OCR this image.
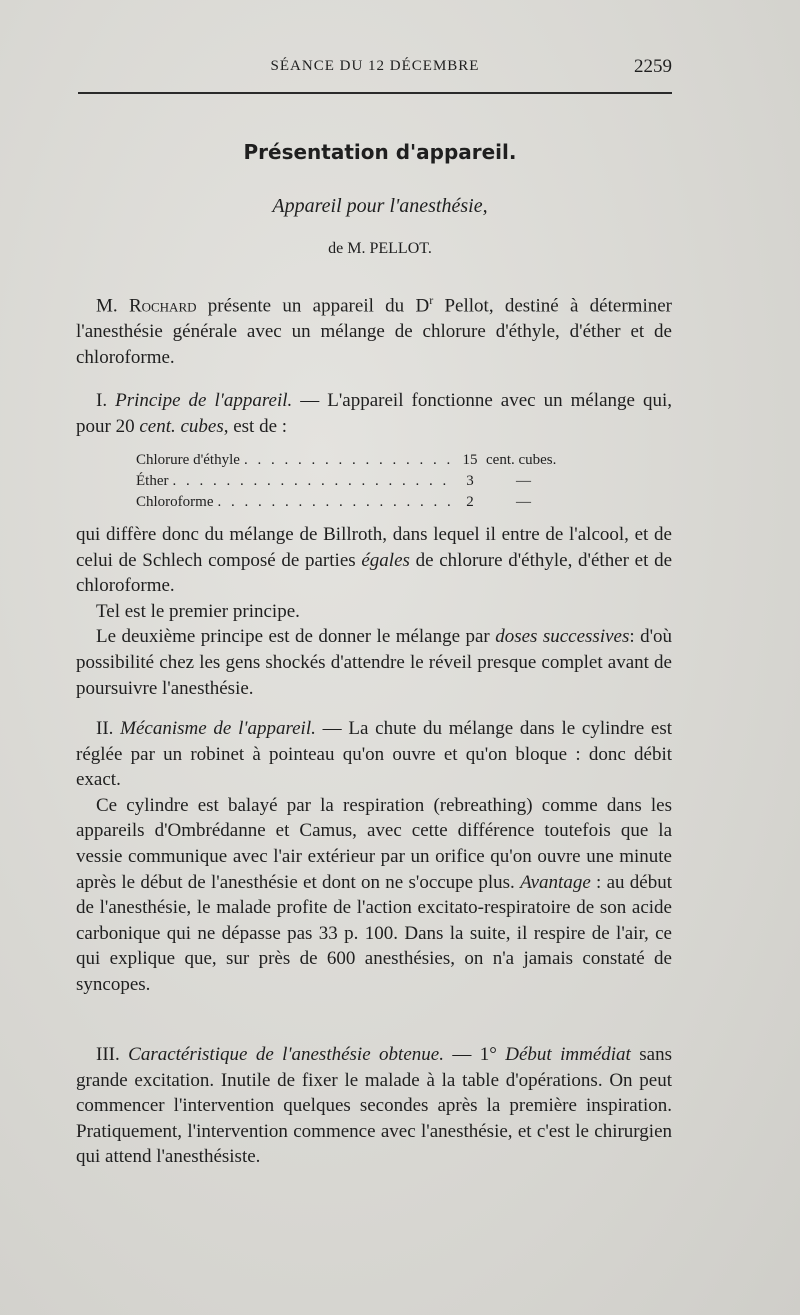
SÉANCE DU 12 DÉCEMBRE	2259
Présentation d'appareil.
Appareil pour l'anesthésie,
de M. PELLOT.

M. Rochard présente un appareil du $D^r$ Pellot, destiné à déterminer l'anesthésie générale avec un mélange de chlorure d'éthyle, d'éther et de chloroforme.

I. Principe de l'appareil. — L'appareil fonctionne avec un mélange qui, pour 20 cent. cubes, est de :

Chlorure d'éthyle . . .	15 cent. cubes.
Éther . . .	3	—
Chloroforme . . .	2	—

qui diffère donc du mélange de Billroth, dans lequel il entre de l'alcool, et de celui de Schlech composé de parties égales de chlorure d'éthyle, d'éther et de chloroforme.

Tel est le premier principe.

Le deuxième principe est de donner le mélange par doses successives: d'où possibilité chez les gens shockés d'attendre le réveil presque complet avant de poursuivre l'anesthésie.

II. Mécanisme de l'appareil. — La chute du mélange dans le cylindre est réglée par un robinet à pointeau qu'on ouvre et qu'on bloque : donc débit exact.

Ce cylindre est balayé par la respiration (rebreathing) comme dans les appareils d'Ombrédanne et Camus, avec cette différence toutefois que la vessie communique avec l'air extérieur par un orifice qu'on ouvre une minute après le début de l'anesthésie et dont on ne s'occupe plus. Avantage : au début de l'anesthésie, le malade profite de l'action excitato-respiratoire de son acide carbonique qui ne dépasse pas 33 p. 100. Dans la suite, il respire de l'air, ce qui explique que, sur près de 600 anesthésies, on n'a jamais constaté de syncopes.

III. Caractéristique de l'anesthésie obtenue. — 1° Début immédiat sans grande excitation. Inutile de fixer le malade à la table d'opérations. On peut commencer l'intervention quelques secondes après la première inspiration. Pratiquement, l'intervention commence avec l'anesthésie, et c'est le chirurgien qui attend l'anesthésiste.
